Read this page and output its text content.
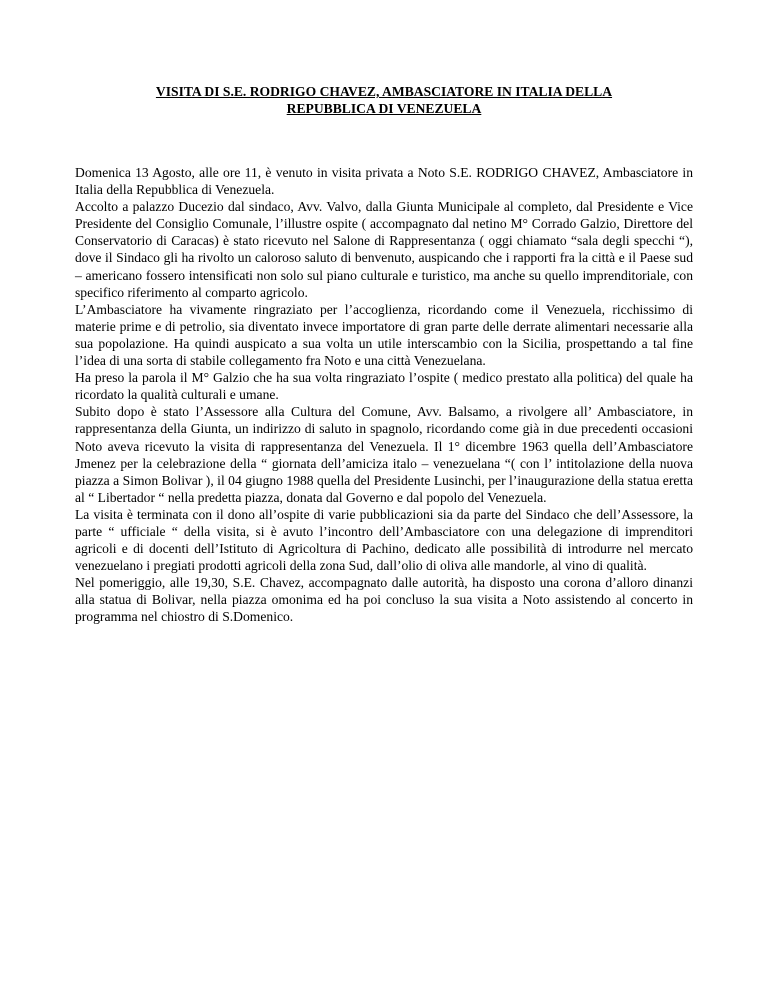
VISITA DI S.E. RODRIGO CHAVEZ, AMBASCIATORE IN ITALIA DELLA
REPUBBLICA DI VENEZUELA

Domenica 13 Agosto, alle ore 11, è venuto in visita privata a Noto S.E. RODRIGO CHAVEZ, Ambasciatore in Italia della Repubblica di Venezuela.

Accolto a palazzo Ducezio dal sindaco, Avv. Valvo, dalla Giunta Municipale al completo, dal Presidente e Vice Presidente del Consiglio Comunale, l’illustre ospite ( accompagnato dal netino M° Corrado Galzio, Direttore del Conservatorio di Caracas) è stato ricevuto nel Salone di Rappresentanza ( oggi chiamato “sala degli specchi “), dove il Sindaco gli ha rivolto un caloroso saluto di benvenuto, auspicando che i rapporti fra la città e il Paese sud – americano fossero intensificati non solo sul piano culturale e turistico, ma anche su quello imprenditoriale, con specifico riferimento al comparto agricolo.

L’Ambasciatore ha vivamente ringraziato per l’accoglienza, ricordando come il Venezuela, ricchissimo di materie prime e di petrolio, sia diventato invece importatore di gran parte delle derrate alimentari necessarie alla sua popolazione. Ha quindi auspicato a sua volta un utile interscambio con la Sicilia, prospettando a tal fine l’idea di una sorta di stabile collegamento fra Noto e una città Venezuelana.

Ha preso la parola il M° Galzio che ha sua volta ringraziato l’ospite ( medico prestato alla politica) del quale ha ricordato la qualità culturali e umane.

Subito dopo è stato l’Assessore alla Cultura del Comune, Avv. Balsamo, a rivolgere all’ Ambasciatore, in rappresentanza della Giunta, un indirizzo di saluto in spagnolo, ricordando come già in due precedenti occasioni Noto aveva ricevuto la visita di rappresentanza del Venezuela. Il 1° dicembre 1963 quella dell’Ambasciatore Jmenez per la celebrazione della “ giornata dell’amiciza italo – venezuelana “( con l’ intitolazione della nuova piazza a Simon Bolivar ), il 04 giugno 1988 quella del Presidente Lusinchi, per l’inaugurazione della statua eretta al “ Libertador “ nella predetta piazza, donata dal Governo e dal popolo del Venezuela.

La visita è terminata con il dono all’ospite di varie pubblicazioni sia da parte del Sindaco che dell’Assessore, la parte “ ufficiale “ della visita, si è avuto l’incontro dell’Ambasciatore con una delegazione di imprenditori agricoli e di docenti dell’Istituto di Agricoltura di Pachino, dedicato alle possibilità di introdurre nel mercato venezuelano i pregiati prodotti agricoli della zona Sud, dall’olio di oliva alle mandorle, al vino di qualità.

Nel pomeriggio, alle 19,30, S.E. Chavez, accompagnato dalle autorità, ha disposto una corona d’alloro dinanzi alla statua di Bolivar, nella piazza omonima ed ha poi concluso la sua visita a Noto assistendo al concerto in programma nel chiostro di S.Domenico.
